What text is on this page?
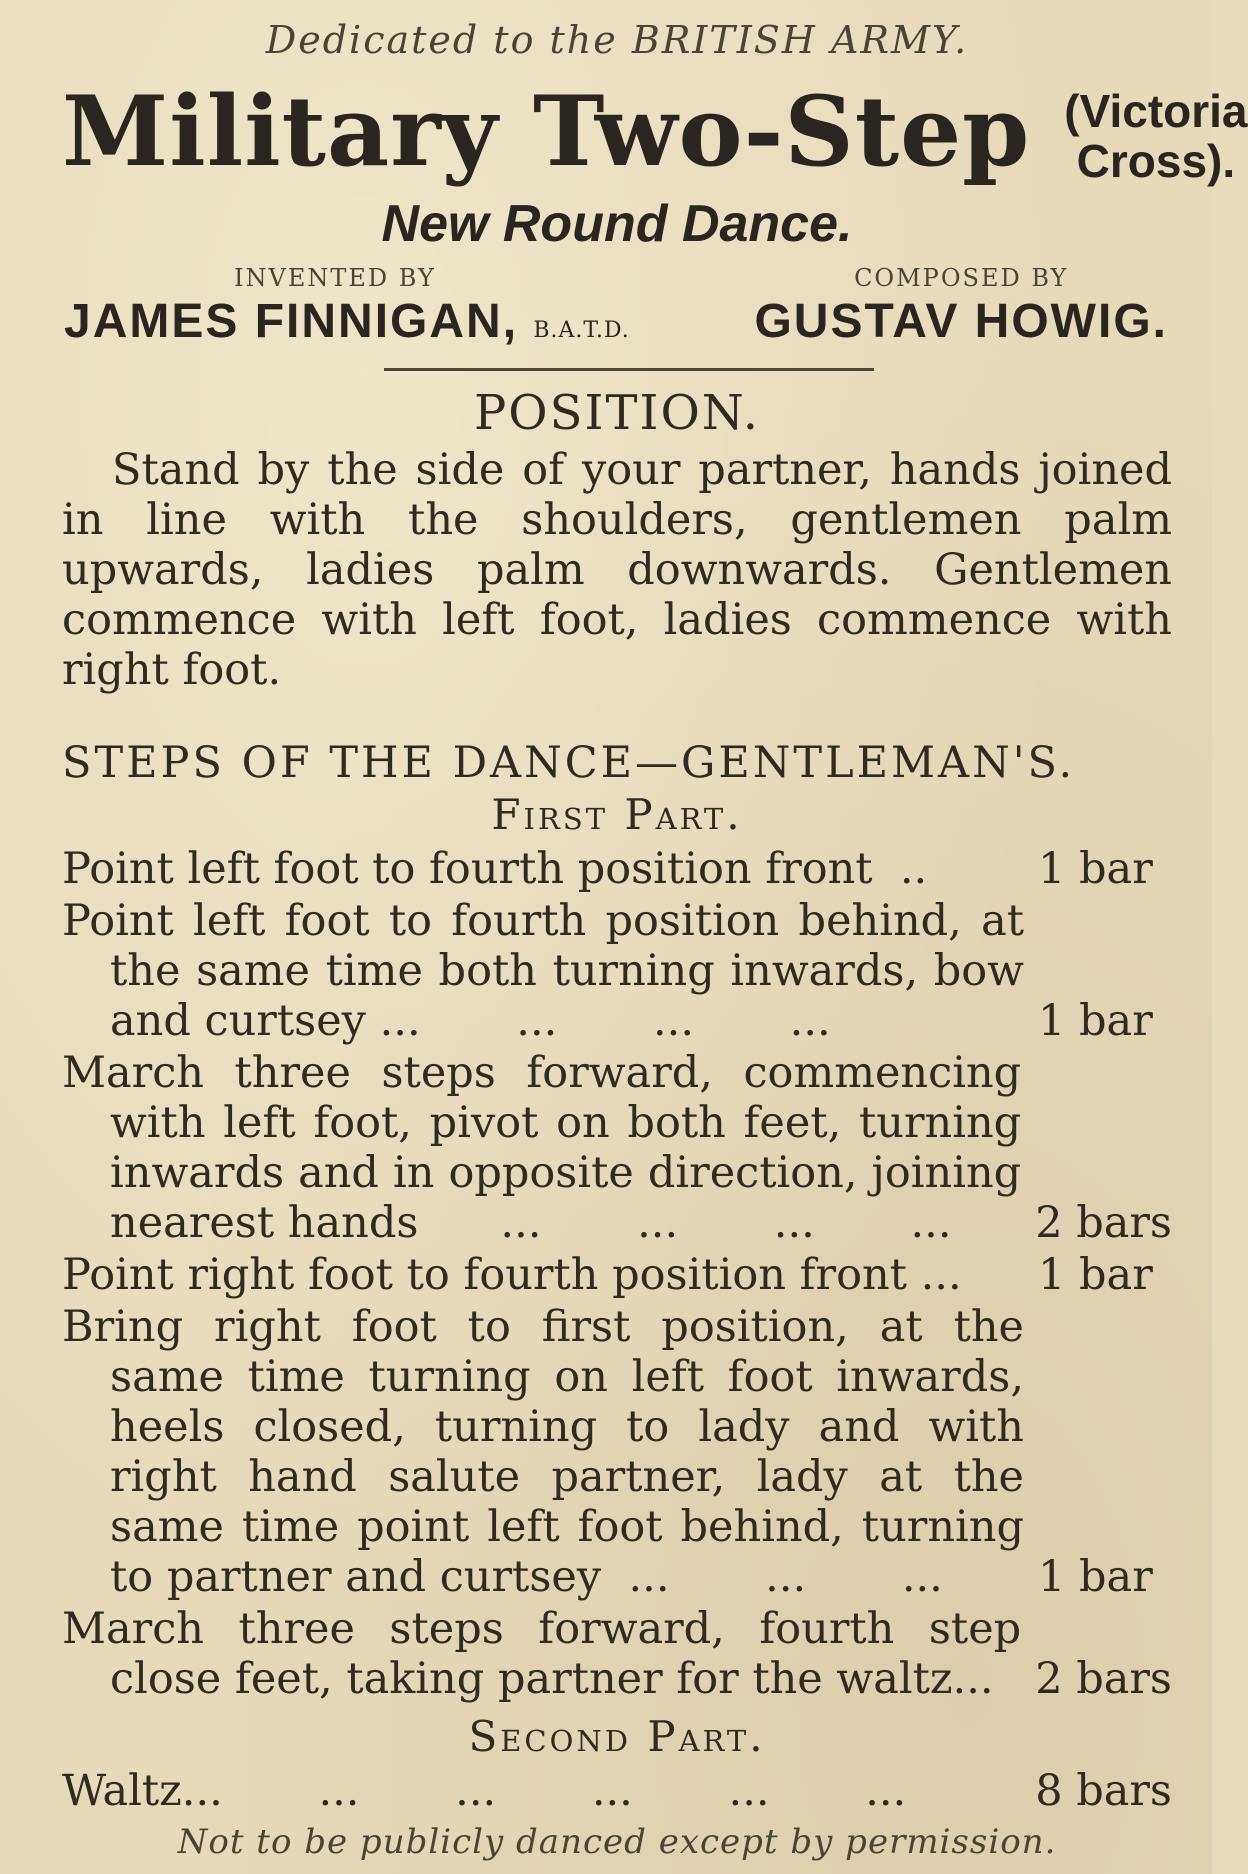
Dedicated to the BRITISH ARMY.
Military Two-Step (Victoria
Cross).
New Round Dance.
INVENTED BY
JAMES FINNIGAN, B.A.T.D.
COMPOSED BY
GUSTAV HOWIG.
POSITION.

Stand by the side of your partner, hands joined in line with the shoulders, gentlemen palm upwards, ladies palm downwards. Gentlemen commence with left foot, ladies commence with right foot.

STEPS OF THE DANCE—GENTLEMAN'S.
First Part.
Point left foot to fourth position front  ..	1 bar
Point left foot to fourth position behind, at the same time both turning inwards, bow and curtsey ...       ...       ...       ...	1 bar
March three steps forward, commencing with left foot, pivot on both feet, turning inwards and in opposite direction, joining nearest hands      ...       ...       ...       ...	2 bars
Point right foot to fourth position front ...	1 bar
Bring right foot to first position, at the same time turning on left foot inwards, heels closed, turning to lady and with right hand salute partner, lady at the same time point left foot behind, turning to partner and curtsey  ...       ...       ...	1 bar
March three steps forward, fourth step close feet, taking partner for the waltz... 2 bars
Second Part.
Waltz...       ...       ...       ...       ...       ...	8 bars
Not to be publicly danced except by permission.
